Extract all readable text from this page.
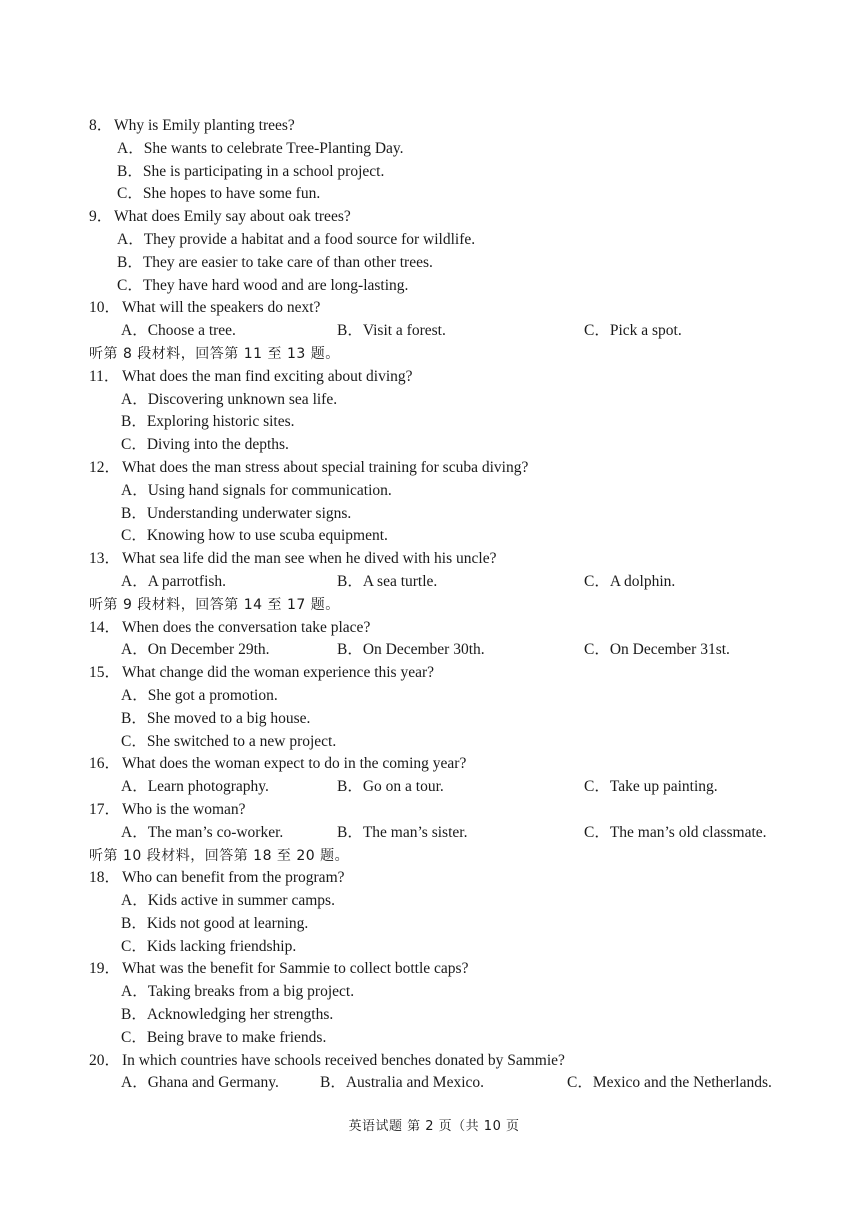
8． Why is Emily planting trees?
A．She wants to celebrate Tree-Planting Day.
B．She is participating in a school project.
C．She hopes to have some fun.
9． What does Emily say about oak trees?
A．They provide a habitat and a food source for wildlife.
B．They are easier to take care of than other trees.
C．They have hard wood and are long-lasting.
10． What will the speakers do next?
A．Choose a tree.	B．Visit a forest.	C．Pick a spot.
听第 8 段材料，回答第 11 至 13 题。
11． What does the man find exciting about diving?
A．Discovering unknown sea life.
B．Exploring historic sites.
C．Diving into the depths.
12． What does the man stress about special training for scuba diving?
A．Using hand signals for communication.
B．Understanding underwater signs.
C．Knowing how to use scuba equipment.
13． What sea life did the man see when he dived with his uncle?
A．A parrotfish.	B．A sea turtle.	C．A dolphin.
听第 9 段材料，回答第 14 至 17 题。
14． When does the conversation take place?
A．On December 29th.	B．On December 30th.	C．On December 31st.
15． What change did the woman experience this year?
A．She got a promotion.
B．She moved to a big house.
C．She switched to a new project.
16． What does the woman expect to do in the coming year?
A．Learn photography.	B．Go on a tour.	C．Take up painting.
17． Who is the woman?
A．The man’s co-worker.	B．The man’s sister.	C．The man’s old classmate.
听第 10 段材料，回答第 18 至 20 题。
18． Who can benefit from the program?
A．Kids active in summer camps.
B．Kids not good at learning.
C．Kids lacking friendship.
19． What was the benefit for Sammie to collect bottle caps?
A．Taking breaks from a big project.
B．Acknowledging her strengths.
C．Being brave to make friends.
20． In which countries have schools received benches donated by Sammie?
A．Ghana and Germany.	B．Australia and Mexico.	C．Mexico and the Netherlands.
英语试题 第 2 页（共 10 页
